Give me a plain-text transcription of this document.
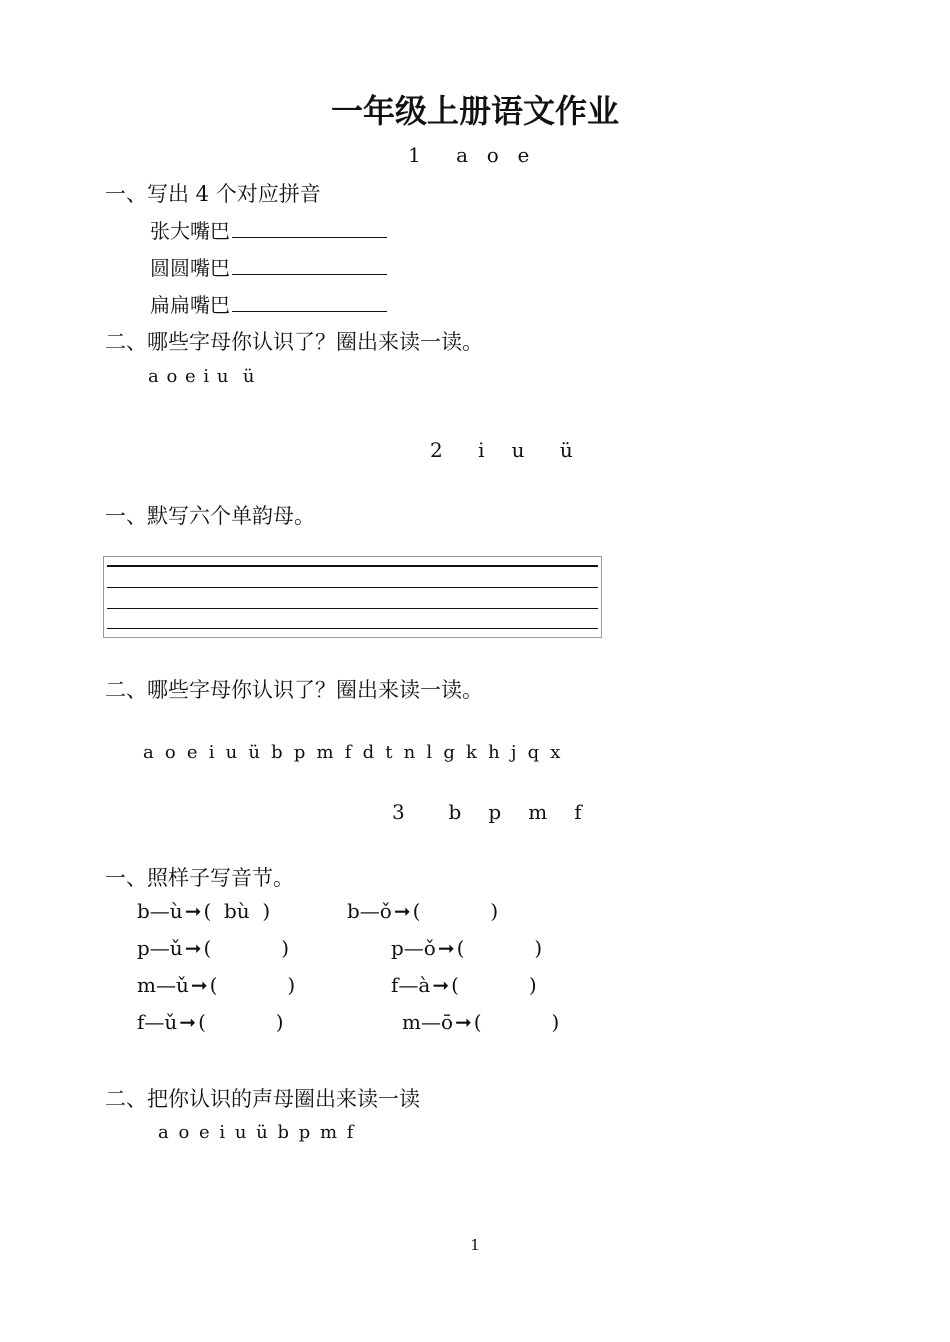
一年级上册语文作业
1    a  o  e
一、写出 4 个对应拼音
张大嘴巴
圆圆嘴巴
扁扁嘴巴
二、哪些字母你认识了？圈出来读一读。
a o e i u  ü
2    i   u    ü
一、默写六个单韵母。
二、哪些字母你认识了？圈出来读一读。
a   o   e   i   u   ü   b   p   m   f   d   t   n   l   g   k   h   j   q   x
3     b   p   m   f
一、照样子写音节。
b—ù ➞ (  bù  )	b—ǒ ➞ (           )
p—ǔ ➞ (           )	p—ǒ ➞ (           )
m—ǔ ➞ (           )	f—à ➞ (           )
f—ǔ ➞ (           )	m—ō ➞ (           )
二、把你认识的声母圈出来读一读
a o e i u ü b p m f
1
